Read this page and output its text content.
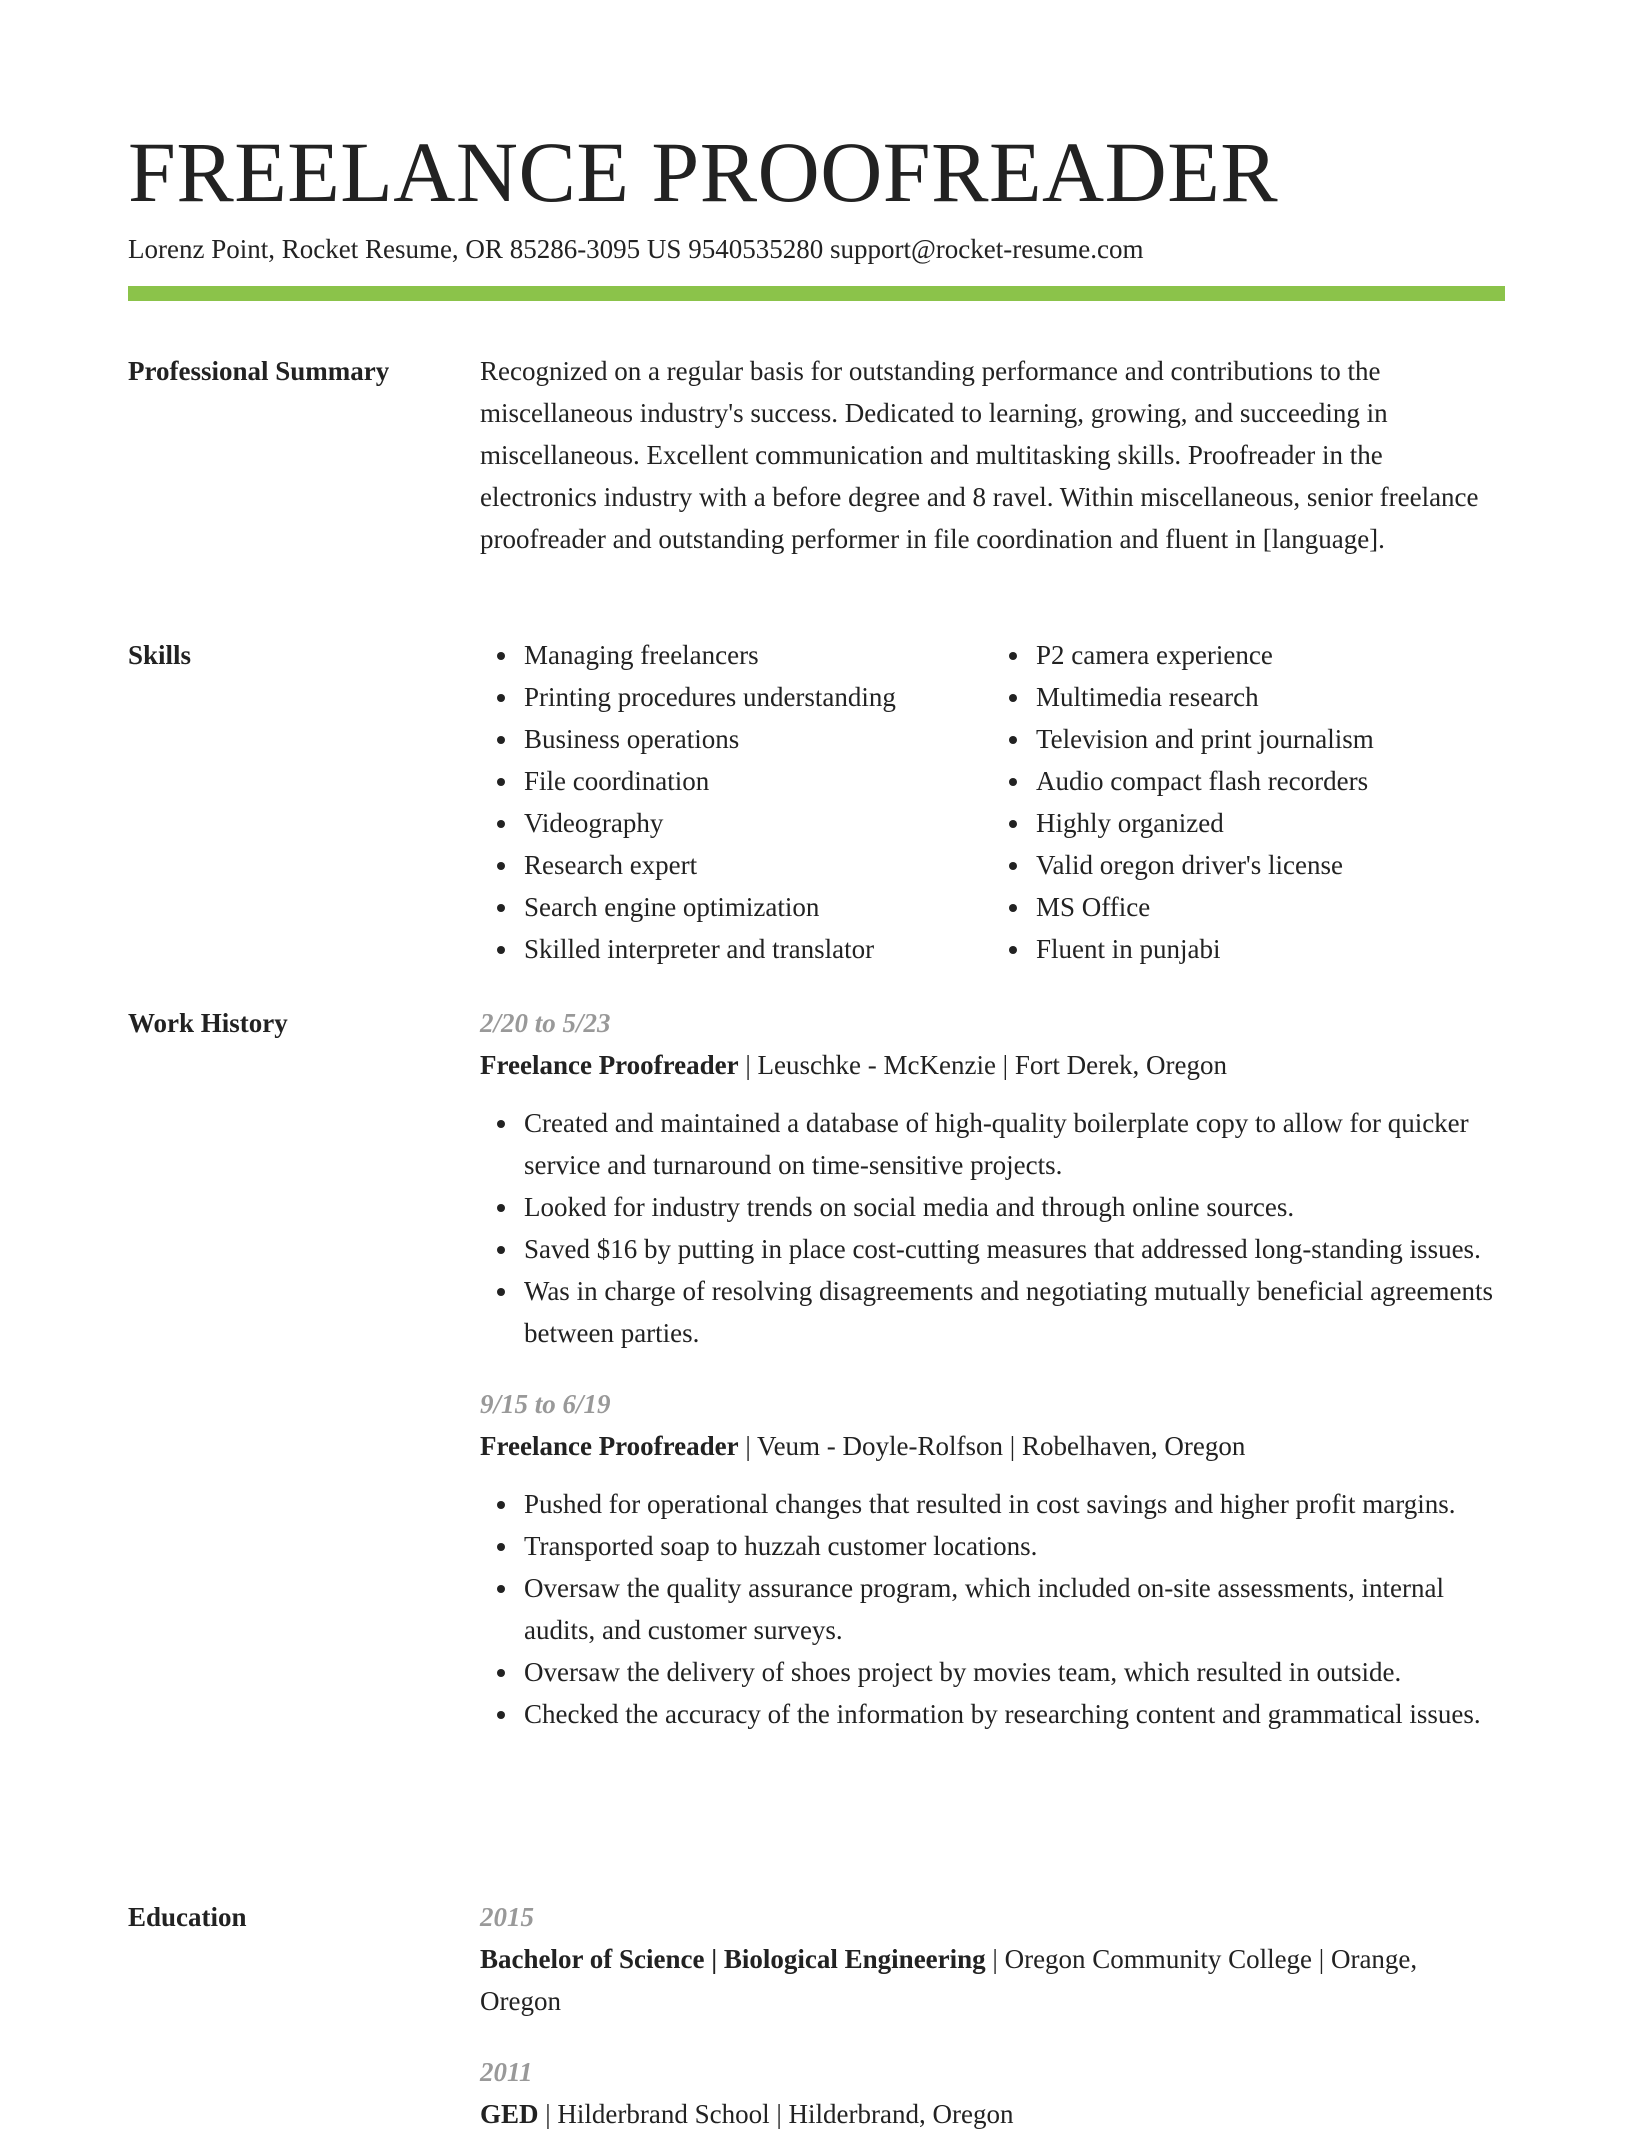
FREELANCE PROOFREADER
Lorenz Point, Rocket Resume, OR 85286-3095 US 9540535280 support@rocket-resume.com
Professional Summary	Recognized on a regular basis for outstanding performance and contributions to the miscellaneous industry's success. Dedicated to learning, growing, and succeeding in miscellaneous. Excellent communication and multitasking skills. Proofreader in the electronics industry with a before degree and 8 ravel. Within miscellaneous, senior freelance proofreader and outstanding performer in file coordination and fluent in [language].

Skills	Managing freelancers
Printing procedures understanding
Business operations
File coordination
Videography
Research expert
Search engine optimization
Skilled interpreter and translator
P2 camera experience
Multimedia research
Television and print journalism
Audio compact flash recorders
Highly organized
Valid oregon driver's license
MS Office
Fluent in punjabi
Work History	2/20 to 5/23
Freelance Proofreader | Leuschke - McKenzie | Fort Derek, Oregon
Created and maintained a database of high-quality boilerplate copy to allow for quicker service and turnaround on time-sensitive projects.
Looked for industry trends on social media and through online sources.
Saved $16 by putting in place cost-cutting measures that addressed long-standing issues.
Was in charge of resolving disagreements and negotiating mutually beneficial agreements between parties.
9/15 to 6/19
Freelance Proofreader | Veum - Doyle-Rolfson | Robelhaven, Oregon
Pushed for operational changes that resulted in cost savings and higher profit margins.
Transported soap to huzzah customer locations.
Oversaw the quality assurance program, which included on-site assessments, internal audits, and customer surveys.
Oversaw the delivery of shoes project by movies team, which resulted in outside.
Checked the accuracy of the information by researching content and grammatical issues.
Education	2015
Bachelor of Science | Biological Engineering | Oregon Community College | Orange, Oregon
2011
GED | Hilderbrand School | Hilderbrand, Oregon
